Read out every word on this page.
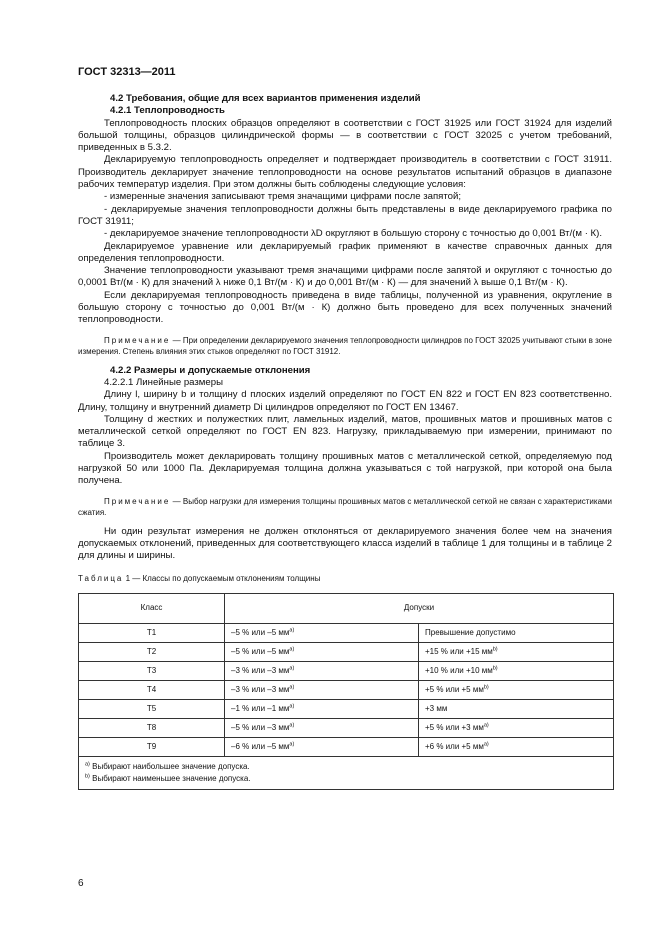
ГОСТ 32313—2011
4.2 Требования, общие для всех вариантов применения изделий
4.2.1 Теплопроводность
Теплопроводность плоских образцов определяют в соответствии с ГОСТ 31925 или ГОСТ 31924 для изделий большой толщины, образцов цилиндрической формы — в соответствии с ГОСТ 32025 с учетом требований, приведенных в 5.3.2.
Декларируемую теплопроводность определяет и подтверждает производитель в соответствии с ГОСТ 31911. Производитель декларирует значение теплопроводности на основе результатов испытаний образцов в диапазоне рабочих температур изделия. При этом должны быть соблюдены следующие условия:
- измеренные значения записывают тремя значащими цифрами после запятой;
- декларируемые значения теплопроводности должны быть представлены в виде декларируемого графика по ГОСТ 31911;
- декларируемое значение теплопроводности λD округляют в большую сторону с точностью до 0,001 Вт/(м · К).
Декларируемое уравнение или декларируемый график применяют в качестве справочных данных для определения теплопроводности.
Значение теплопроводности указывают тремя значащими цифрами после запятой и округляют с точностью до 0,0001 Вт/(м · К) для значений λ ниже 0,1 Вт/(м · К) и до 0,001 Вт/(м · К) — для значений λ выше 0,1 Вт/(м · К).
Если декларируемая теплопроводность приведена в виде таблицы, полученной из уравнения, округление в большую сторону с точностью до 0,001 Вт/(м · К) должно быть проведено для всех полученных значений теплопроводности.
Примечание — При определении декларируемого значения теплопроводности цилиндров по ГОСТ 32025 учитывают стыки в зоне измерения. Степень влияния этих стыков определяют по ГОСТ 31912.
4.2.2 Размеры и допускаемые отклонения
4.2.2.1 Линейные размеры
Длину l, ширину b и толщину d плоских изделий определяют по ГОСТ EN 822 и ГОСТ EN 823 соответственно. Длину, толщину и внутренний диаметр Di цилиндров определяют по ГОСТ EN 13467.
Толщину d жестких и полужестких плит, ламельных изделий, матов, прошивных матов и прошивных матов с металлической сеткой определяют по ГОСТ EN 823. Нагрузку, прикладываемую при измерении, принимают по таблице 3.
Производитель может декларировать толщину прошивных матов с металлической сеткой, определяемую под нагрузкой 50 или 1000 Па. Декларируемая толщина должна указываться с той нагрузкой, при которой она была получена.
Примечание — Выбор нагрузки для измерения толщины прошивных матов с металлической сеткой не связан с характеристиками сжатия.
Ни один результат измерения не должен отклоняться от декларируемого значения более чем на значения допускаемых отклонений, приведенных для соответствующего класса изделий в таблице 1 для толщины и в таблице 2 для длины и ширины.
Таблица 1 — Классы по допускаемым отклонениям толщины
Класс	Допуски	
T1	–5 % или –5 $мм^{a)}$	Превышение допустимо
T2	–5 % или –5 $мм^{a)}$	+15 % или +15 $мм^{b)}$
T3	–3 % или –3 $мм^{a)}$	+10 % или +10 $мм^{b)}$
T4	–3 % или –3 $мм^{a)}$	+5 % или +5 $мм^{b)}$
T5	–1 % или –1 $мм^{a)}$	+3 мм
T8	–5 % или –3 $мм^{a)}$	+5 % или +3 $мм^{a)}$
T9	–6 % или –5 $мм^{a)}$	+6 % или +5 $мм^{a)}$

$^{a)}$ Выбирают наибольшее значение допуска.
$^{b)}$ Выбирают наименьшее значение допуска.		
6
